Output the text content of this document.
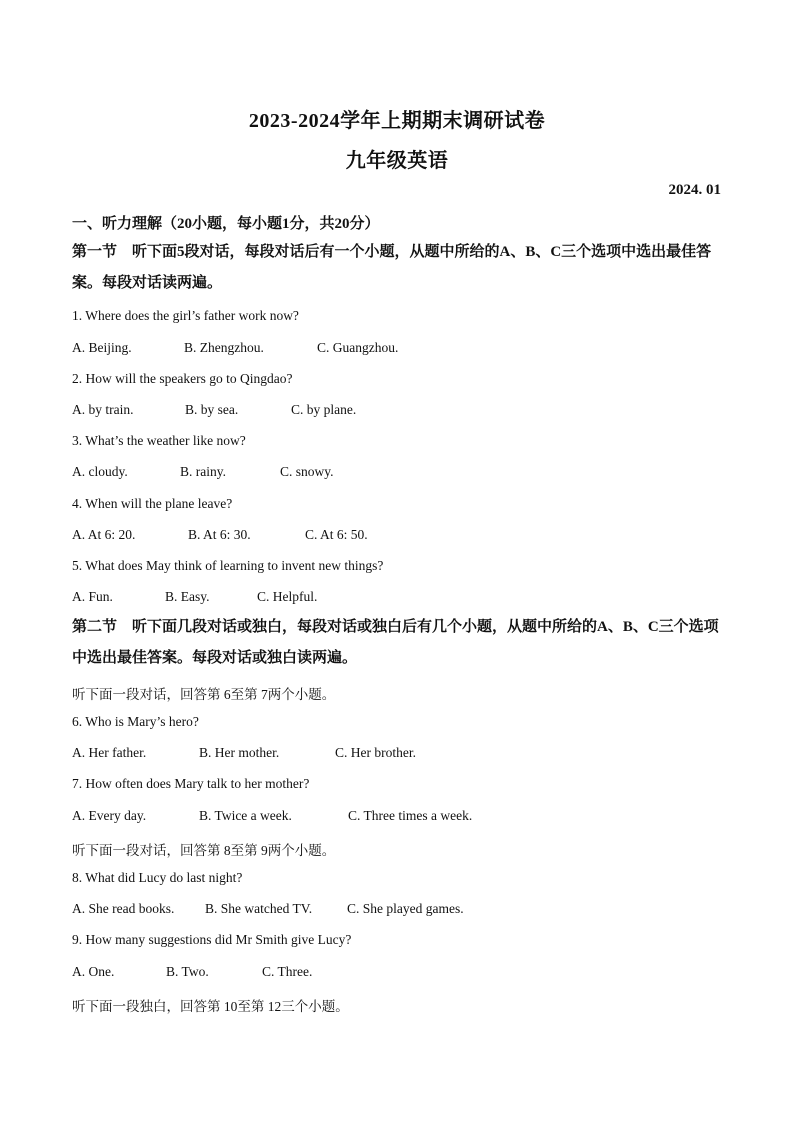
2023-2024学年上期期末调研试卷
九年级英语
2024. 01
一、听力理解（20小题，每小题1分，共20分）
第一节　听下面5段对话，每段对话后有一个小题，从题中所给的A、B、C三个选项中选出最佳答案。每段对话读两遍。
1. Where does the girl’s father work now?
A. Beijing.	B. Zhengzhou.	C. Guangzhou.
2. How will the speakers go to Qingdao?
A. by train.	B. by sea.	C. by plane.
3. What’s the weather like now?
A. cloudy.	B. rainy.	C. snowy.
4. When will the plane leave?
A. At 6: 20.	B. At 6: 30.	C. At 6: 50.
5. What does May think of learning to invent new things?
A. Fun.	B. Easy.	C. Helpful.
第二节　听下面几段对话或独白，每段对话或独白后有几个小题，从题中所给的A、B、C三个选项中选出最佳答案。每段对话或独白读两遍。
听下面一段对话，回答第 6至第 7两个小题。
6. Who is Mary’s hero?
A. Her father.	B. Her mother.	C. Her brother.
7. How often does Mary talk to her mother?
A. Every day.	B. Twice a week.	C. Three times a week.
听下面一段对话，回答第 8至第 9两个小题。
8. What did Lucy do last night?
A. She read books. B. She watched TV.	C. She played games.
9. How many suggestions did Mr Smith give Lucy?
A. One.	B. Two.	C. Three.
听下面一段独白，回答第 10至第 12三个小题。
